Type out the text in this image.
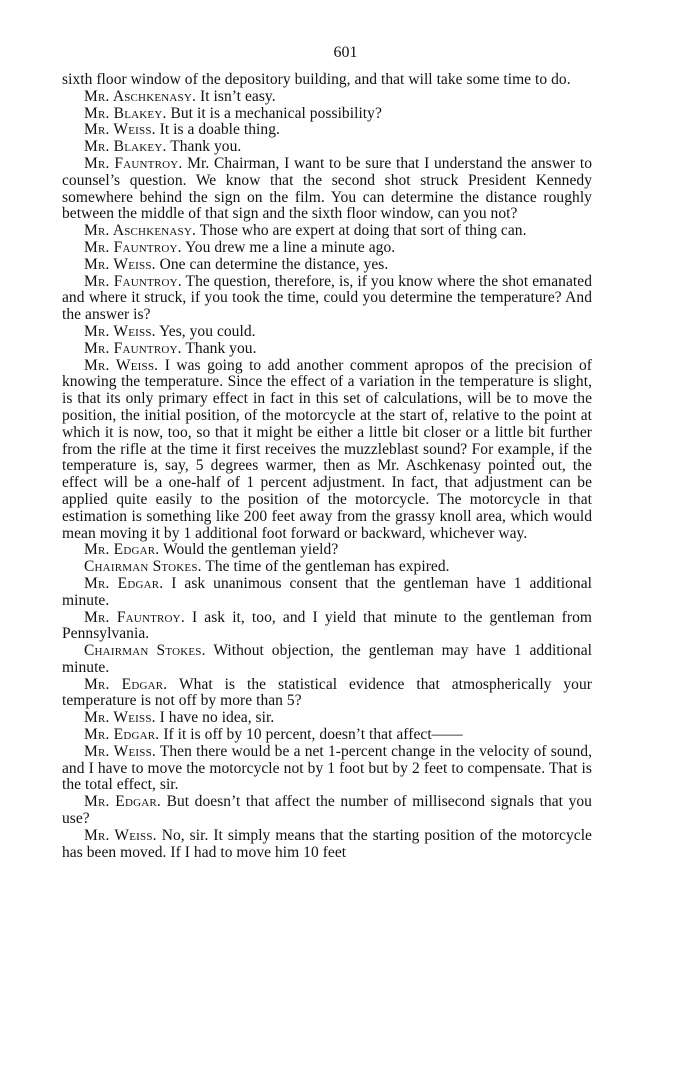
601

sixth floor window of the depository building, and that will take some time to do.

Mr. Aschkenasy. It isn’t easy.

Mr. Blakey. But it is a mechanical possibility?

Mr. Weiss. It is a doable thing.

Mr. Blakey. Thank you.

Mr. Fauntroy. Mr. Chairman, I want to be sure that I understand the answer to counsel’s question. We know that the second shot struck President Kennedy somewhere behind the sign on the film. You can determine the distance roughly between the middle of that sign and the sixth floor window, can you not?

Mr. Aschkenasy. Those who are expert at doing that sort of thing can.

Mr. Fauntroy. You drew me a line a minute ago.

Mr. Weiss. One can determine the distance, yes.

Mr. Fauntroy. The question, therefore, is, if you know where the shot emanated and where it struck, if you took the time, could you determine the temperature? And the answer is?

Mr. Weiss. Yes, you could.

Mr. Fauntroy. Thank you.

Mr. Weiss. I was going to add another comment apropos of the precision of knowing the temperature. Since the effect of a variation in the temperature is slight, is that its only primary effect in fact in this set of calculations, will be to move the position, the initial position, of the motorcycle at the start of, relative to the point at which it is now, too, so that it might be either a little bit closer or a little bit further from the rifle at the time it first receives the muzzleblast sound? For example, if the temperature is, say, 5 degrees warmer, then as Mr. Aschkenasy pointed out, the effect will be a one-half of 1 percent adjustment. In fact, that adjustment can be applied quite easily to the position of the motorcycle. The motorcycle in that estimation is something like 200 feet away from the grassy knoll area, which would mean moving it by 1 additional foot forward or backward, whichever way.

Mr. Edgar. Would the gentleman yield?

Chairman Stokes. The time of the gentleman has expired.

Mr. Edgar. I ask unanimous consent that the gentleman have 1 additional minute.

Mr. Fauntroy. I ask it, too, and I yield that minute to the gentleman from Pennsylvania.

Chairman Stokes. Without objection, the gentleman may have 1 additional minute.

Mr. Edgar. What is the statistical evidence that atmospherically your temperature is not off by more than 5?

Mr. Weiss. I have no idea, sir.

Mr. Edgar. If it is off by 10 percent, doesn’t that affect——

Mr. Weiss. Then there would be a net 1-percent change in the velocity of sound, and I have to move the motorcycle not by 1 foot but by 2 feet to compensate. That is the total effect, sir.

Mr. Edgar. But doesn’t that affect the number of millisecond signals that you use?

Mr. Weiss. No, sir. It simply means that the starting position of the motorcycle has been moved. If I had to move him 10 feet
